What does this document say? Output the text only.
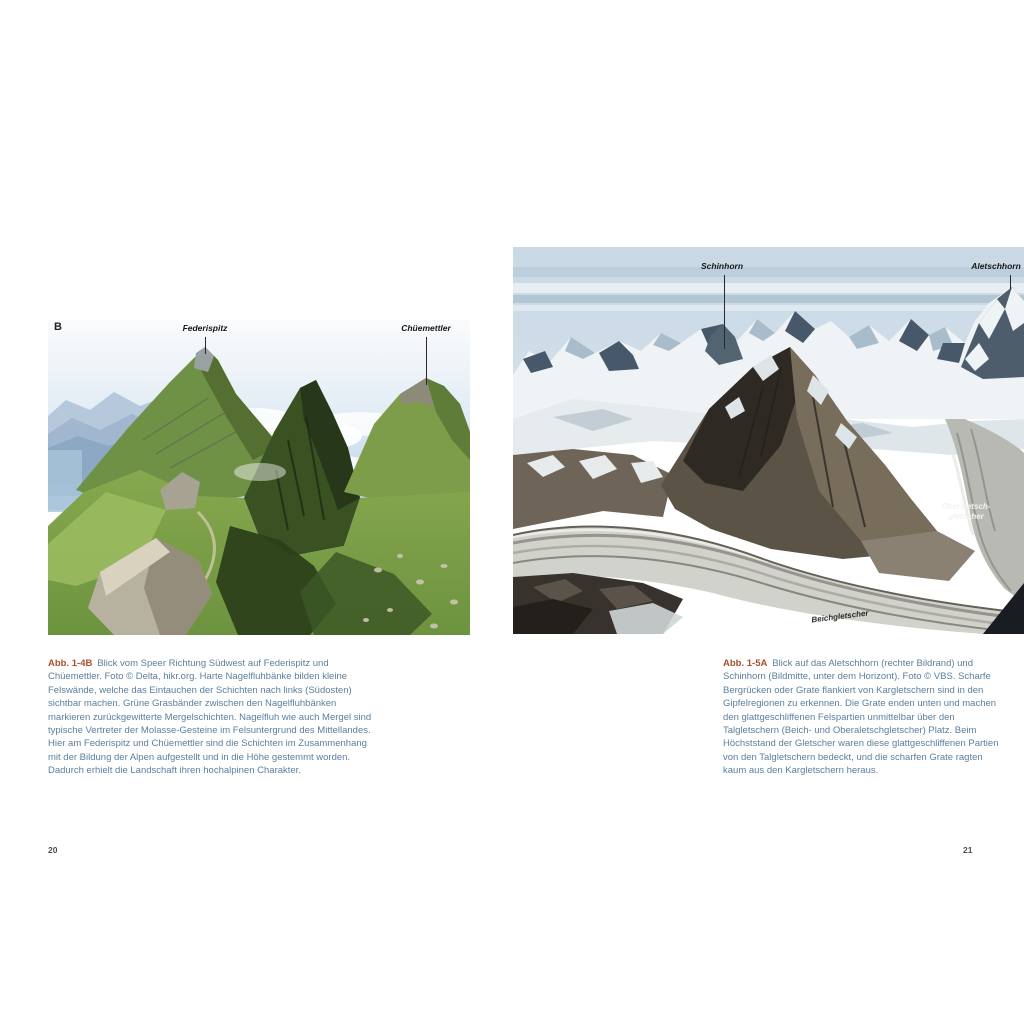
B	Federispitz	Chüemettler
Schinhorn	Aletschhorn
Oberaletsch-
gletscher
Beichgletscher
Abb. 1-4B Blick vom Speer Richtung Südwest auf Federispitz und Chüemettler. Foto © Delta, hikr.org. Harte Nagelfluhbänke bilden kleine Felswände, welche das Eintauchen der Schichten nach links (Südosten) sichtbar machen. Grüne Grasbänder zwischen den Nagelfluhbänken markieren zurückgewitterte Mergelschichten. Nagelfluh wie auch Mergel sind typische Vertreter der Molasse-Gesteine im Felsuntergrund des Mittellandes. Hier am Federispitz und Chüemettler sind die Schichten im Zusammenhang mit der Bildung der Alpen aufgestellt und in die Höhe gestemmt worden. Dadurch erhielt die Landschaft ihren hochalpinen Charakter.
Abb. 1-5A Blick auf das Aletschhorn (rechter Bildrand) und Schinhorn (Bildmitte, unter dem Horizont). Foto © VBS. Scharfe Bergrücken oder Grate flankiert von Kargletschern sind in den Gipfelregionen zu erkennen. Die Grate enden unten und machen den glattgeschliffenen Felspartien unmittelbar über den Talgletschern (Beich- und Oberaletschgletscher) Platz. Beim Höchststand der Gletscher waren diese glattgeschliffenen Partien von den Talgletschern bedeckt, und die scharfen Grate ragten kaum aus den Kargletschern heraus.
20	21
